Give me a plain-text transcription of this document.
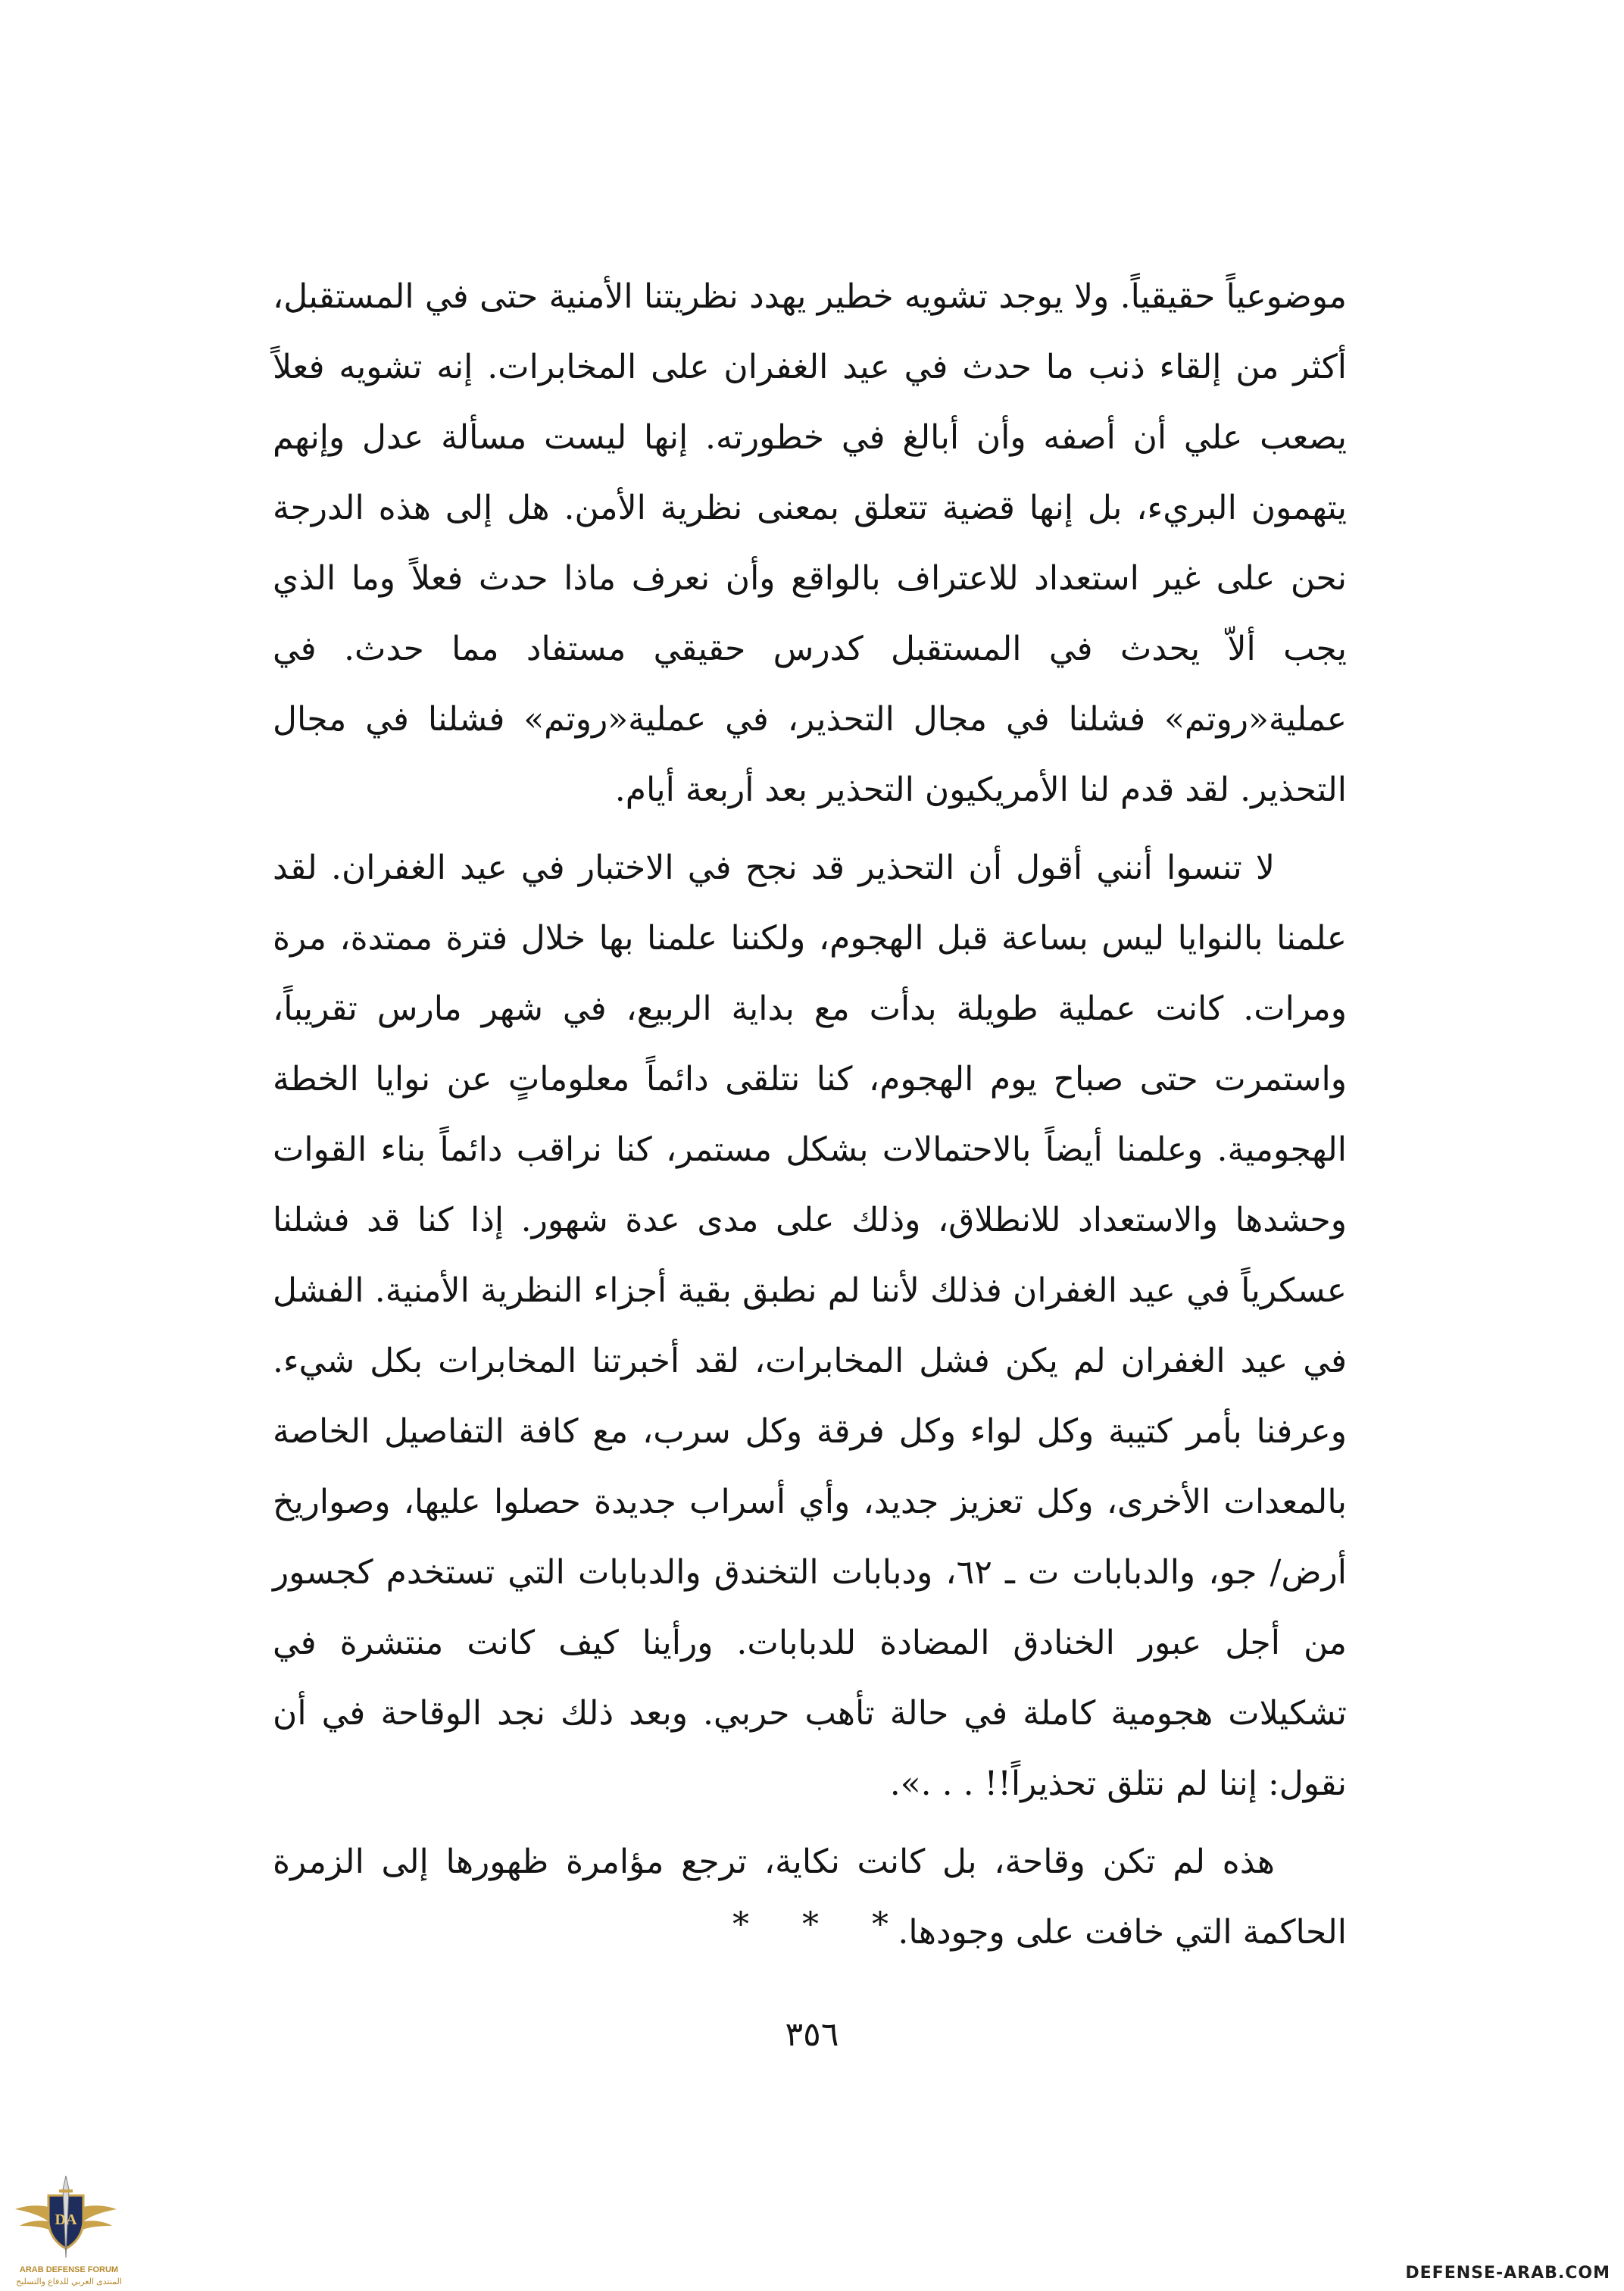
موضوعياً حقيقياً. ولا يوجد تشويه خطير يهدد نظريتنا الأمنية حتى في المستقبل، أكثر من إلقاء ذنب ما حدث في عيد الغفران على المخابرات. إنه تشويه فعلاً يصعب علي أن أصفه وأن أبالغ في خطورته. إنها ليست مسألة عدل وإنهم يتهمون البريء، بل إنها قضية تتعلق بمعنى نظرية الأمن. هل إلى هذه الدرجة نحن على غير استعداد للاعتراف بالواقع وأن نعرف ماذا حدث فعلاً وما الذي يجب ألاّ يحدث في المستقبل كدرس حقيقي مستفاد مما حدث. في عملية«روتم» فشلنا في مجال التحذير، في عملية«روتم» فشلنا في مجال التحذير. لقد قدم لنا الأمريكيون التحذير بعد أربعة أيام.

لا تنسوا أنني أقول أن التحذير قد نجح في الاختبار في عيد الغفران. لقد علمنا بالنوايا ليس بساعة قبل الهجوم، ولكننا علمنا بها خلال فترة ممتدة، مرة ومرات. كانت عملية طويلة بدأت مع بداية الربيع، في شهر مارس تقريباً، واستمرت حتى صباح يوم الهجوم، كنا نتلقى دائماً معلوماتٍ عن نوايا الخطة الهجومية. وعلمنا أيضاً بالاحتمالات بشكل مستمر، كنا نراقب دائماً بناء القوات وحشدها والاستعداد للانطلاق، وذلك على مدى عدة شهور. إذا كنا قد فشلنا عسكرياً في عيد الغفران فذلك لأننا لم نطبق بقية أجزاء النظرية الأمنية. الفشل في عيد الغفران لم يكن فشل المخابرات، لقد أخبرتنا المخابرات بكل شيء. وعرفنا بأمر كتيبة وكل لواء وكل فرقة وكل سرب، مع كافة التفاصيل الخاصة بالمعدات الأخرى، وكل تعزيز جديد، وأي أسراب جديدة حصلوا عليها، وصواريخ أرض/ جو، والدبابات ت ـ ٦٢، ودبابات التخندق والدبابات التي تستخدم كجسور من أجل عبور الخنادق المضادة للدبابات. ورأينا كيف كانت منتشرة في تشكيلات هجومية كاملة في حالة تأهب حربي. وبعد ذلك نجد الوقاحة في أن نقول: إننا لم نتلق تحذيراً!! . . .».

هذه لم تكن وقاحة، بل كانت نكاية، ترجع مؤامرة ظهورها إلى الزمرة الحاكمة التي خافت على وجودها.

* * *
٣٥٦
DA
ARAB DEFENSE FORUM
المنتدى العربي للدفاع والتسليح	DEFENSE-ARAB.COM
